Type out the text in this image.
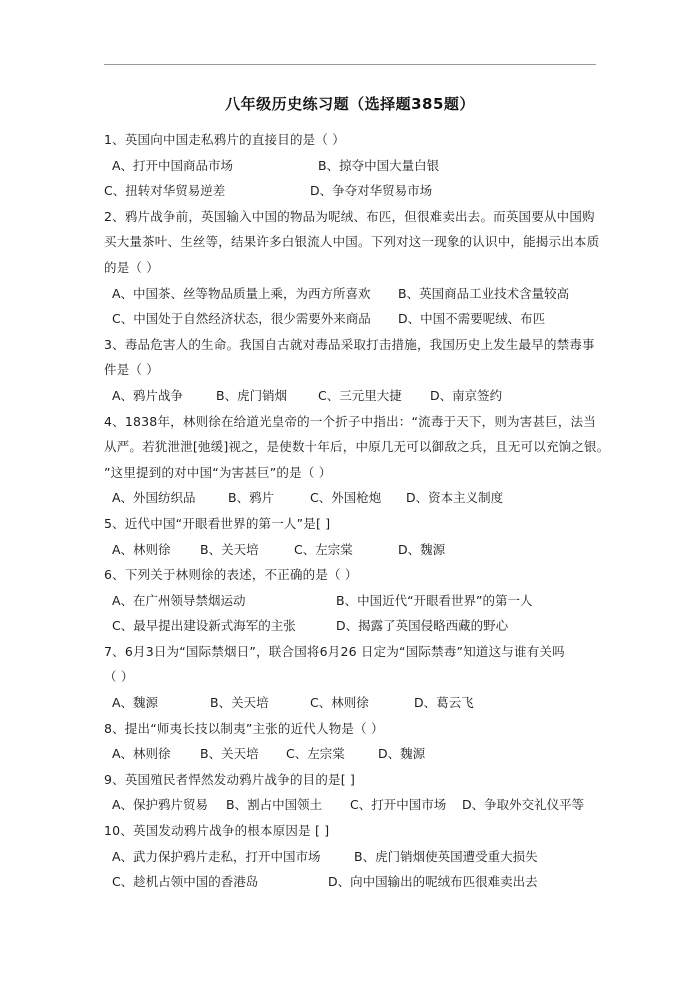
八年级历史练习题（选择题385题）
1、英国向中国走私鸦片的直接目的是（ ）
A、打开中国商品市场	B、掠夺中国大量白银
C、扭转对华贸易逆差	D、争夺对华贸易市场
2、鸦片战争前，英国输入中国的物品为呢绒、布匹，但很难卖出去。而英国要从中国购
买大量茶叶、生丝等，结果许多白银流人中国。下列对这一现象的认识中，能揭示出本质
的是（ ）
A、中国茶、丝等物品质量上乘，为西方所喜欢 B、英国商品工业技术含量较高
C、中国处于自然经济状态，很少需要外来商品 D、中国不需要呢绒、布匹
3、毒品危害人的生命。我国自古就对毒品采取打击措施，我国历史上发生最早的禁毒事
件是（ ）
A、鸦片战争	B、虎门销烟 C、三元里大捷 D、南京签约
4、1838年，林则徐在给道光皇帝的一个折子中指出：“流毒于天下，则为害甚巨，法当
从严。若犹泄泄[弛缓]视之，是使数十年后，中原几无可以御敌之兵，且无可以充饷之银。
”这里提到的对中国“为害甚巨”的是（ ）
A、外国纺织品	B、鸦片	C、外国枪炮 D、资本主义制度
5、近代中国“开眼看世界的第一人”是[ ]
A、林则徐 B、关天培	C、左宗棠	D、魏源
6、下列关于林则徐的表述，不正确的是（ ）
A、在广州领导禁烟运动	B、中国近代“开眼看世界”的第一人
C、最早提出建设新式海军的主张	D、揭露了英国侵略西藏的野心
7、6月3日为“国际禁烟日”，联合国将6月26 日定为“国际禁毒”知道这与谁有关吗
（ ）
A、魏源	B、关天培	C、林则徐	D、葛云飞
8、提出“师夷长技以制夷”主张的近代人物是（ ）
A、林则徐 B、关天培 C、左宗棠	D、魏源
9、英国殖民者悍然发动鸦片战争的目的是[ ]
A、保护鸦片贸易 B、割占中国领土 C、打开中国市场 D、争取外交礼仪平等
10、英国发动鸦片战争的根本原因是 [ ]
A、武力保护鸦片走私，打开中国市场	B、虎门销烟使英国遭受重大损失
C、趁机占领中国的香港岛	D、向中国输出的呢绒布匹很难卖出去
